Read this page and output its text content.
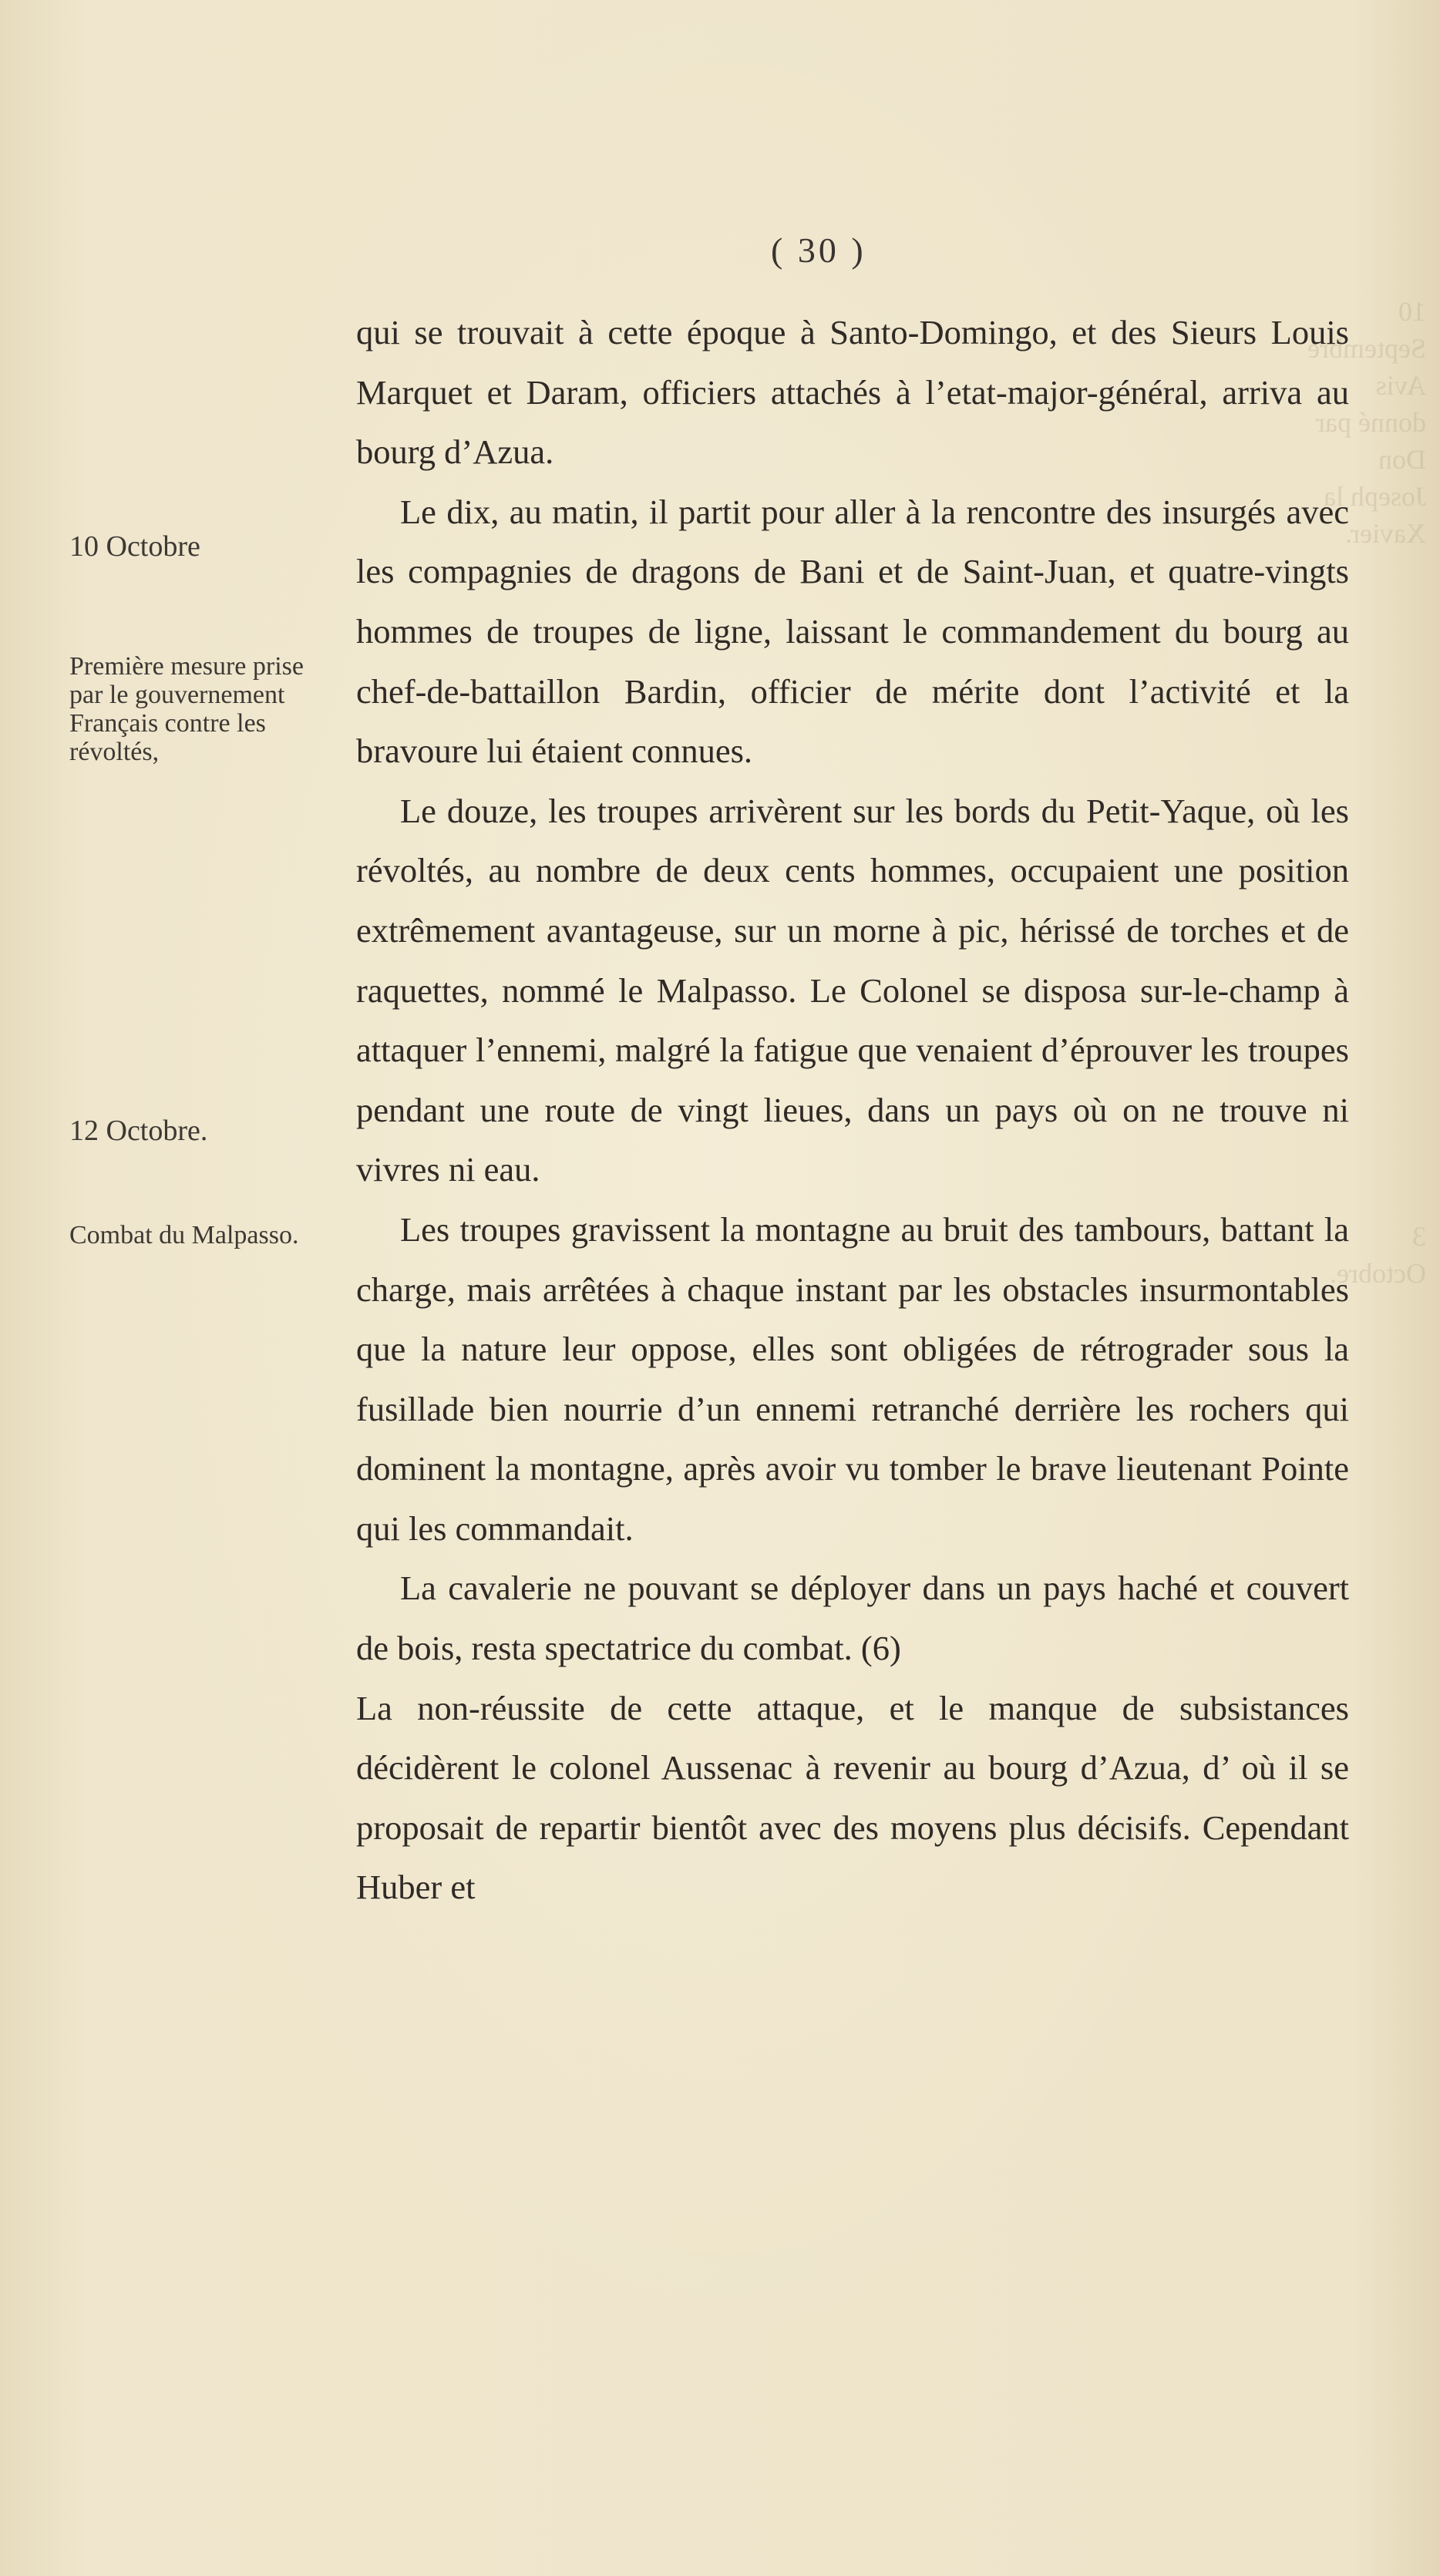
10 Septembre
Avis donné par
Don Joseph la
Xavier.

3 Octobre.
( 30 )
10 Octobre
Première mesure prise par le gouvernement Français contre les révoltés,
12 Octobre.
Combat du Malpasso.

qui se trouvait à cette époque à Santo-Domingo, et des Sieurs Louis Marquet et Daram, officiers attachés à l’etat-major-général, arriva au bourg d’Azua.

Le dix, au matin, il partit pour aller à la rencontre des insurgés avec les compagnies de dragons de Bani et de Saint-Juan, et quatre-vingts hommes de troupes de ligne, laissant le commandement du bourg au chef-de-battaillon Bardin, officier de mérite dont l’activité et la bravoure lui étaient connues.

Le douze, les troupes arrivèrent sur les bords du Petit-Yaque, où les révoltés, au nombre de deux cents hommes, occupaient une position extrêmement avantageuse, sur un morne à pic, hérissé de torches et de raquettes, nommé le Malpasso. Le Colonel se disposa sur-le-champ à attaquer l’ennemi, malgré la fatigue que venaient d’éprouver les troupes pendant une route de vingt lieues, dans un pays où on ne trouve ni vivres ni eau.

Les troupes gravissent la montagne au bruit des tambours, battant la charge, mais arrêtées à chaque instant par les obstacles insurmontables que la nature leur oppose, elles sont obligées de rétrograder sous la fusillade bien nourrie d’un ennemi retranché derrière les rochers qui dominent la montagne, après avoir vu tomber le brave lieutenant Pointe qui les commandait.

La cavalerie ne pouvant se déployer dans un pays haché et couvert de bois, resta spectatrice du combat. (6)

La non-réussite de cette attaque, et le manque de subsistances décidèrent le colonel Aussenac à revenir au bourg d’Azua, d’ où il se proposait de repartir bientôt avec des moyens plus décisifs. Cependant Huber et
